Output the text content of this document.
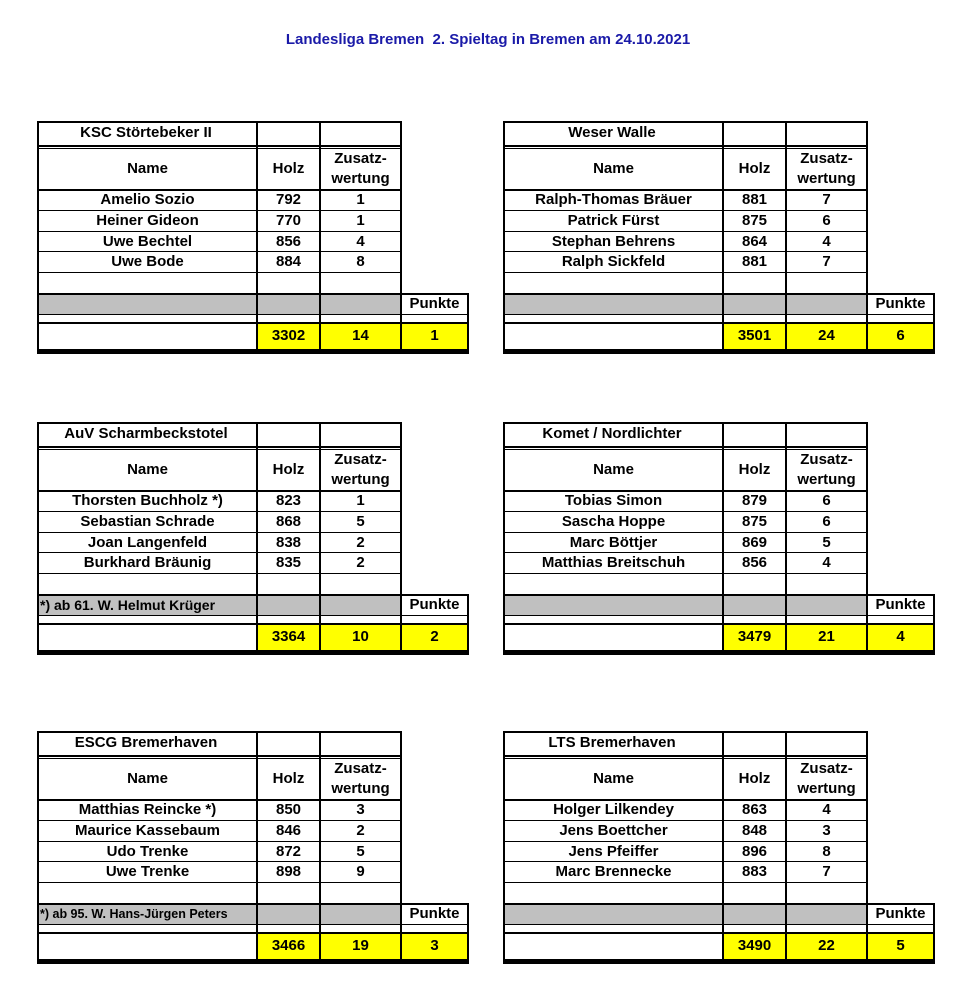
Landesliga Bremen  2. Spieltag in Bremen am 24.10.2021
KSC Störtebeker II
Name	Holz
Zusatz-
wertung
Amelio Sozio	792	1
Heiner Gideon	770	1
Uwe Bechtel	856	4
Uwe Bode	884	8
Punkte
3302	14	1
Weser Walle
Name	Holz
Zusatz-
wertung
Ralph-Thomas Bräuer	881	7
Patrick Fürst	875	6
Stephan Behrens	864	4
Ralph Sickfeld	881	7
Punkte
3501	24	6
AuV Scharmbeckstotel
Name	Holz
Zusatz-
wertung
Thorsten Buchholz *)	823	1
Sebastian Schrade	868	5
Joan Langenfeld	838	2
Burkhard Bräunig	835	2
*) ab 61. W. Helmut Krüger	Punkte
3364	10	2
Komet / Nordlichter
Name	Holz
Zusatz-
wertung
Tobias Simon	879	6
Sascha Hoppe	875	6
Marc Böttjer	869	5
Matthias Breitschuh	856	4
Punkte
3479	21	4
ESCG Bremerhaven
Name	Holz
Zusatz-
wertung
Matthias Reincke *)	850	3
Maurice Kassebaum	846	2
Udo Trenke	872	5
Uwe Trenke	898	9
*) ab 95. W. Hans-Jürgen Peters	Punkte
3466	19	3
LTS Bremerhaven
Name	Holz
Zusatz-
wertung
Holger Lilkendey	863	4
Jens Boettcher	848	3
Jens Pfeiffer	896	8
Marc Brennecke	883	7
Punkte
3490	22	5
